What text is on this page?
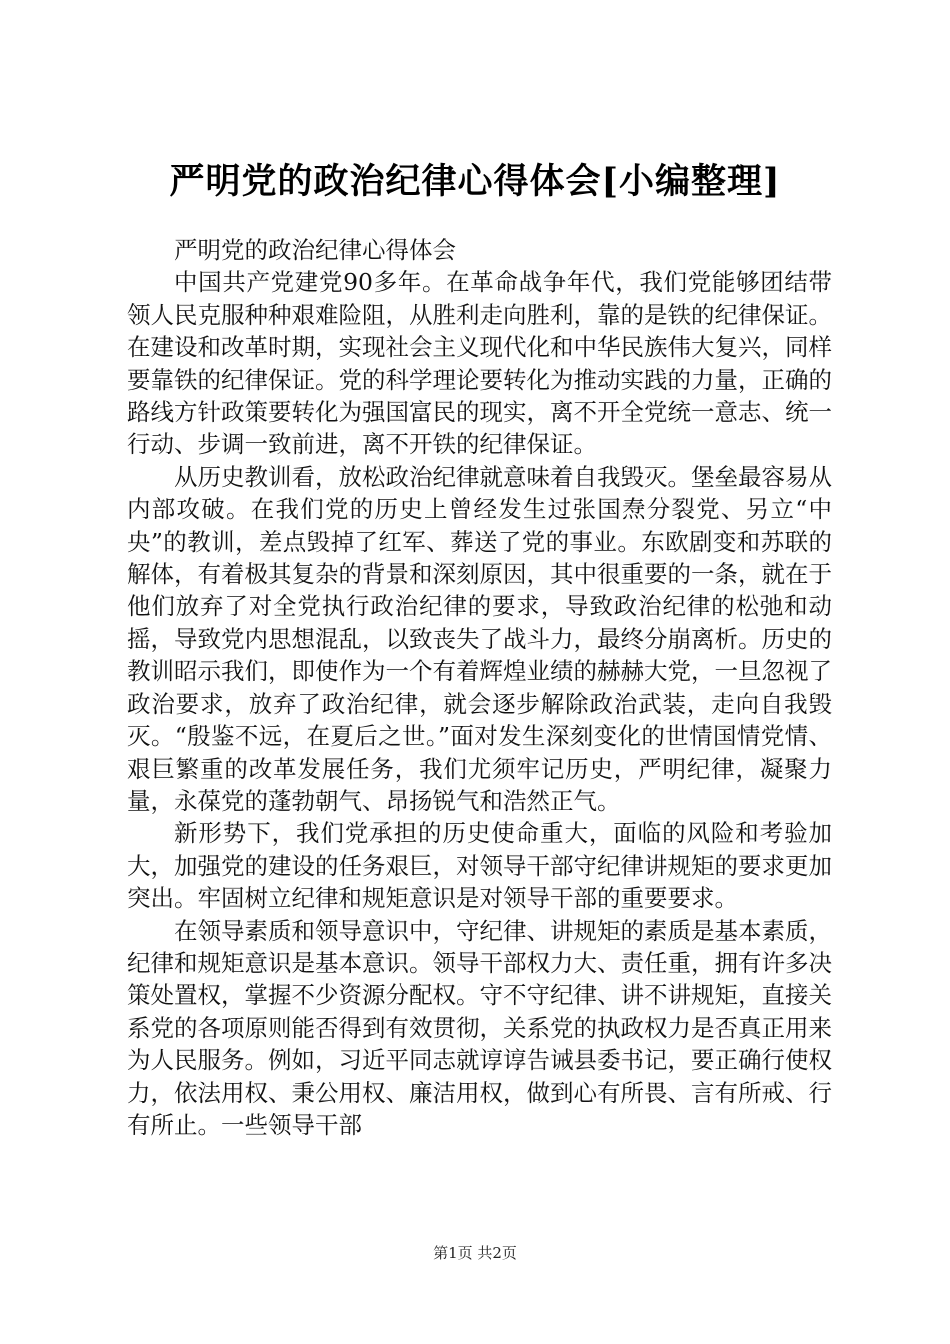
严明党的政治纪律心得体会[小编整理]

严明党的政治纪律心得体会

中国共产党建党90多年。在革命战争年代，我们党能够团结带领人民克服种种艰难险阻，从胜利走向胜利，靠的是铁的纪律保证。在建设和改革时期，实现社会主义现代化和中华民族伟大复兴，同样要靠铁的纪律保证。党的科学理论要转化为推动实践的力量，正确的路线方针政策要转化为强国富民的现实，离不开全党统一意志、统一行动、步调一致前进，离不开铁的纪律保证。

从历史教训看，放松政治纪律就意味着自我毁灭。堡垒最容易从内部攻破。在我们党的历史上曾经发生过张国焘分裂党、另立“中央”的教训，差点毁掉了红军、葬送了党的事业。东欧剧变和苏联的解体，有着极其复杂的背景和深刻原因，其中很重要的一条，就在于他们放弃了对全党执行政治纪律的要求，导致政治纪律的松弛和动摇，导致党内思想混乱，以致丧失了战斗力，最终分崩离析。历史的教训昭示我们，即使作为一个有着辉煌业绩的赫赫大党，一旦忽视了政治要求，放弃了政治纪律，就会逐步解除政治武装，走向自我毁灭。“殷鉴不远，在夏后之世。”面对发生深刻变化的世情国情党情、艰巨繁重的改革发展任务，我们尤须牢记历史，严明纪律，凝聚力量，永葆党的蓬勃朝气、昂扬锐气和浩然正气。

新形势下，我们党承担的历史使命重大，面临的风险和考验加大，加强党的建设的任务艰巨，对领导干部守纪律讲规矩的要求更加突出。牢固树立纪律和规矩意识是对领导干部的重要要求。

在领导素质和领导意识中，守纪律、讲规矩的素质是基本素质，纪律和规矩意识是基本意识。领导干部权力大、责任重，拥有许多决策处置权，掌握不少资源分配权。守不守纪律、讲不讲规矩，直接关系党的各项原则能否得到有效贯彻，关系党的执政权力是否真正用来为人民服务。例如，习近平同志就谆谆告诫县委书记，要正确行使权力，依法用权、秉公用权、廉洁用权，做到心有所畏、言有所戒、行有所止。一些领导干部

第1页 共2页
